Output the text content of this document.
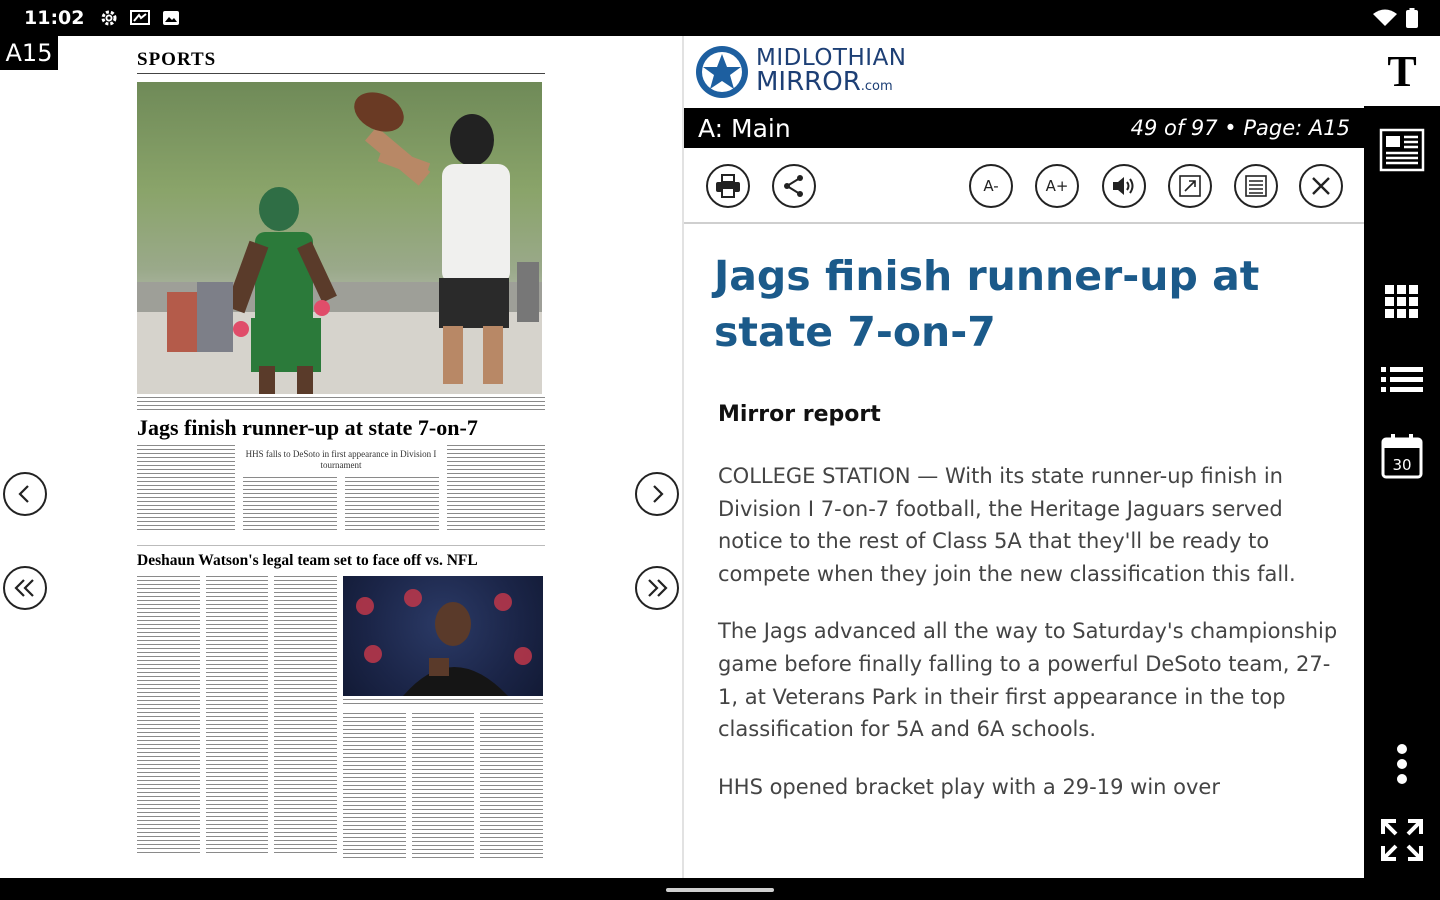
11:02
A15	SPORTS
Jags finish runner-up at state 7-on-7
HHS falls to DeSoto in first appearance in Division I tournament
Deshaun Watson's legal team set to face off vs. NFL
MIDLOTHIAN
MIRROR.com
A: Main	49 of 97 • Page: A15
A-	A+
Jags finish runner-up at state 7-on-7
Mirror report

COLLEGE STATION — With its state runner-up finish in Division I 7-on-7 football, the Heritage Jaguars served notice to the rest of Class 5A that they'll be ready to compete when they join the new classification this fall.

The Jags advanced all the way to Saturday's championship game before finally falling to a powerful DeSoto team, 27-1, at Veterans Park in their first appearance in the top classification for 5A and 6A schools.

HHS opened bracket play with a 29-19 win over

T
30
